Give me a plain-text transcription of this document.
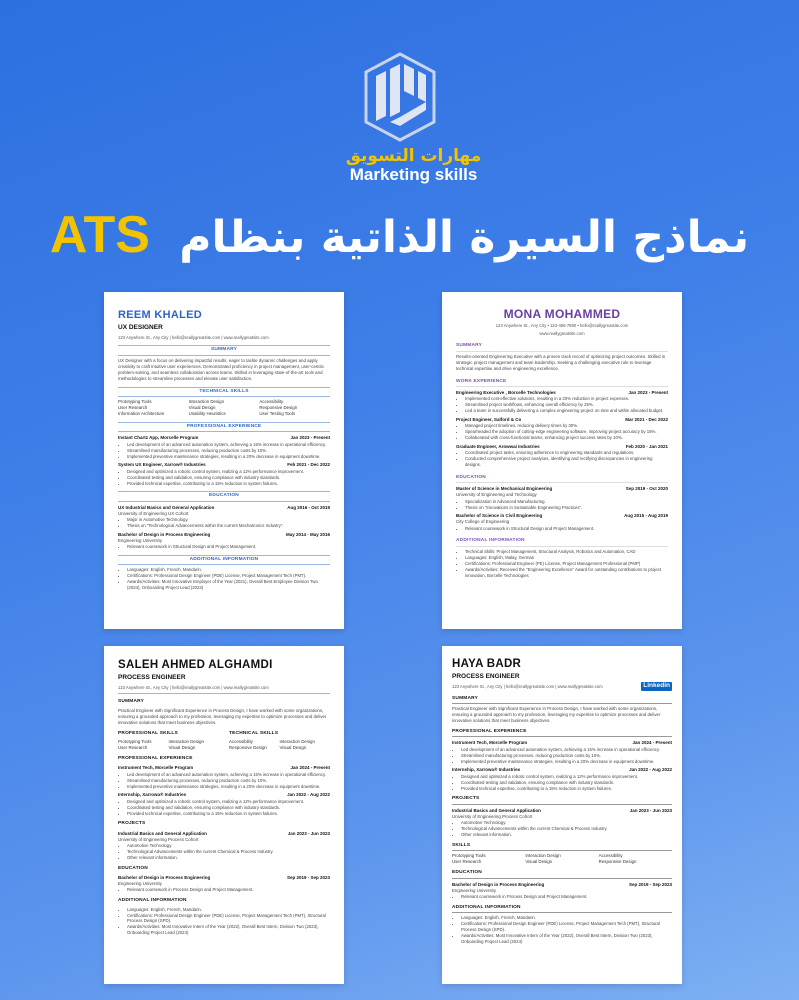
مهارات التسويق
Marketing skills
ATS نماذج السيرة الذاتية بنظام
REEM KHALED
UX DESIGNER
123 Anywhere St., Any City | hello@reallygreatsite.com | www.reallygreatsite.com
SUMMARY
UX Designer with a focus on delivering impactful results, eager to tackle dynamic challenges and apply creativity to craft intuitive user experiences. Demonstrated proficiency in project management, user-centric problem-solving, and seamless collaboration across teams. Skilled in leveraging state-of-the-art tools and methodologies to streamline processes and elevate user satisfaction.
TECHNICAL SKILLS
Prototyping Tools	Interaction Design	Accessibility
User Research	Visual Design	Responsive Design
Information Architecture	Usability Heuristics	User Testing Tools
PROFESSIONAL EXPERIENCE
Instant Chartz App, Morcelle Program	Jan 2023 - Present
• Led development of an advanced automation system, achieving a 15% increase in operational efficiency.
• Streamlined manufacturing processes, reducing production costs by 10%.
• Implemented preventive maintenance strategies, resulting in a 20% decrease in equipment downtime.
System UX Engineer, Xarrow® Industries	Feb 2021 - Dec 2022
• Designed and optimized a robotic control system, realizing a 12% performance improvement.
• Coordinated testing and validation, ensuring compliance with industry standards.
• Provided technical expertise, contributing to a 15% reduction in system failures.
EDUCATION
UX Industrial Basics and General Application	Aug 2016 - Oct 2019
University of Engineering UX Cohort
• Major in Automotive Technology.
• Thesis on "Technological Advancements within the current Mechatronics Industry".
Bachelor of Design in Process Engineering	May 2014 - May 2016
Engineering University
• Relevant coursework in Structural Design and Project Management.
ADDITIONAL INFORMATION
• Languages: English, French, Mandarin.
• Certifications: Professional Design Engineer (PDE) License, Project Management Tech (PMT).
• Awards/Activities: Most Innovative Employer of the Year (2021), Overall Best Employee Division Two (2024), Onboarding Project Lead (2023)
MONA MOHAMMED
123 Anywhere St., Any City • 123-456-7890 • hello@reallygreatsite.com
www.reallygreatsite.com
SUMMARY
Results-oriented Engineering Executive with a proven track record of optimizing project outcomes. Skilled in strategic project management and team leadership. Seeking a challenging executive role to leverage technical expertise and drive engineering excellence.
WORK EXPERIENCE
Engineering Executive , Borcelle Technologies	Jan 2023 - Present
• Implemented cost-effective solutions, resulting in a 20% reduction in project expenses.
• Streamlined project workflows, enhancing overall efficiency by 25%.
• Led a team in successfully delivering a complex engineering project on time and within allocated budget.
Project Engineer, Salford & Co	Mar 2021 - Dec 2022
• Managed project timelines, reducing delivery times by 30%.
• Spearheaded the adoption of cutting-edge engineering software, improving project accuracy by 15%.
• Collaborated with cross-functional teams, enhancing project success rates by 10%.
Graduate Engineer, Arowwai Industries	Feb 2020 - Jan 2021
• Coordinated project tasks, ensuring adherence to engineering standards and regulations.
• Conducted comprehensive project analyses, identifying and rectifying discrepancies in engineering designs.
EDUCATION
Master of Science in Mechanical Engineering	Sep 2019 - Oct 2020
University of Engineering and Technology
• Specialization in Advanced Manufacturing.
• Thesis on "Innovations in Sustainable Engineering Practices".
Bachelor of Science in Civil Engineering	Aug 2015 - Aug 2019
City College of Engineering
• Relevant coursework in Structural Design and Project Management.
ADDITIONAL INFORMATION
• Technical Skills: Project Management, Structural Analysis, Robotics and Automation, CAD
• Languages: English, Malay, German
• Certifications: Professional Engineer (PE) License, Project Management Professional (PMP)
• Awards/Activities: Received the "Engineering Excellence" Award for outstanding contributions to project innovation, Borcelle Technologies
SALEH AHMED ALGHAMDI
PROCESS ENGINEER
123 Anywhere St., Any City | hello@reallygreatsite.com | www.reallygreatsite.com
SUMMARY
Practical Engineer with Significant Experience in Process Design, I have worked with some organizations, ensuring a grounded approach to my profession, leveraging my expertise to optimize processes and deliver innovative solutions that meet business objectives.
PROFESSIONAL SKILLS
Prototyping Tools	Interaction Design
User Research	Visual Design
TECHNICAL SKILLS
Accessibility	Interaction Design
Responsive Design	Visual Design
PROFESSIONAL EXPERIENCE
Instrument Tech, Morcelle Program	Jan 2024 - Present
• Led development of an advanced automation system, achieving a 15% increase in operational efficiency.
• Streamlined manufacturing processes, reducing production costs by 10%.
• Implemented preventive maintenance strategies, resulting in a 20% decrease in equipment downtime.
Internship, Xarrowa® Industries	Jan 2022 - Aug 2022
• Designed and optimized a robotic control system, realizing a 12% performance improvement.
• Coordinated testing and validation, ensuring compliance with industry standards.
• Provided technical expertise, contributing to a 15% reduction in system failures.
PROJECTS
Industrial Basics and General Application	Jan 2023 - Jun 2023
University of Engineering Process Cohort
• Automotive Technology.
• Technological Advancements within the current Chemical & Process Industry.
• Other relevant information.
EDUCATION
Bachelor of Design in Process Engineering	Sep 2019 - Sep 2023
Engineering University
• Relevant coursework in Process Design and Project Management.
ADDITIONAL INFORMATION
• Languages: English, French, Mandarin.
• Certifications: Professional Design Engineer (PDE) License, Project Management Tech (PMT), Structural Process Design (SPD).
• Awards/Activities: Most Innovative Intern of the Year (2022), Overall Best Intern, Division Two (2023), Onboarding Project Lead (2024)
HAYA BADR
PROCESS ENGINEER
123 Anywhere St., Any City | hello@reallygreatsite.com | www.reallygreatsite.com	Linkedin
SUMMARY
Practical Engineer with Significant Experience in Process Design, I have worked with some organizations, ensuring a grounded approach to my profession, leveraging my expertise to optimize processes and deliver innovative solutions that meet business objectives.
PROFESSIONAL EXPERIENCE
Instrument Tech, Morcelle Program	Jan 2024 - Present
• Led development of an advanced automation system, achieving a 15% increase in operational efficiency.
• Streamlined manufacturing processes, reducing production costs by 10%.
• Implemented preventive maintenance strategies, resulting in a 20% decrease in equipment downtime.
Internship, Xarrowa® Industries	Jan 2022 - Aug 2022
• Designed and optimized a robotic control system, realizing a 12% performance improvement.
• Coordinated testing and validation, ensuring compliance with industry standards.
• Provided technical expertise, contributing to a 15% reduction in system failures.
PROJECTS
Industrial Basics and General Application	Jan 2023 - Jun 2023
University of Engineering Process Cohort
• Automotive Technology.
• Technological Advancements within the current Chemical & Process Industry.
• Other relevant information.
SKILLS
Prototyping Tools	Interaction Design	Accessibility
User Research	Visual Design	Responsive Design
EDUCATION
Bachelor of Design in Process Engineering	Sep 2019 - Sep 2023
Engineering University
• Relevant coursework in Process Design and Project Management.
ADDITIONAL INFORMATION
• Languages: English, French, Mandarin.
• Certifications: Professional Design Engineer (PDE) License, Project Management Tech (PMT), Structural Process Design (SPD).
• Awards/Activities: Most Innovative Intern of the Year (2022), Overall Best Intern, Division Two (2023), Onboarding Project Lead (2024)
